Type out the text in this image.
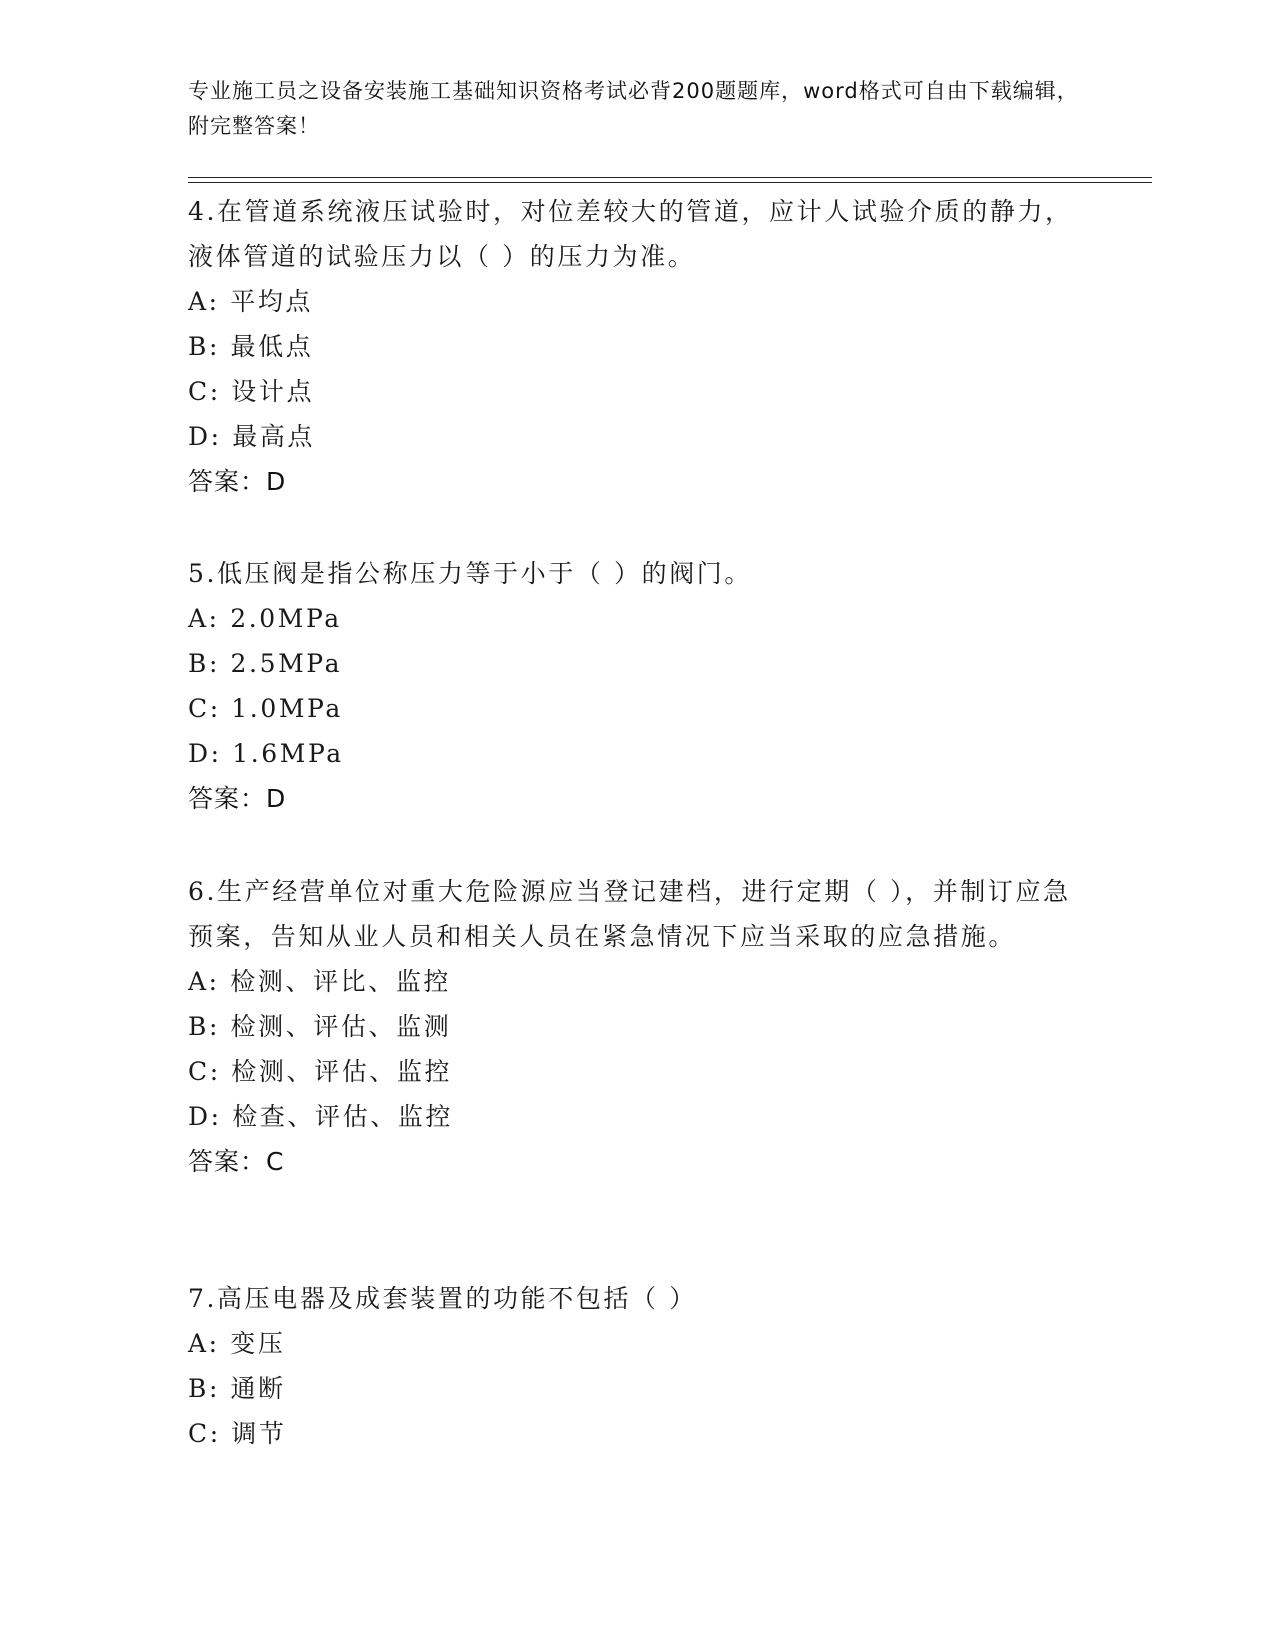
专业施工员之设备安装施工基础知识资格考试必背200题题库，word格式可自由下载编辑，附完整答案！

4.在管道系统液压试验时，对位差较大的管道，应计人试验介质的静力，液体管道的试验压力以（ ）的压力为准。

A: 平均点

B: 最低点

C: 设计点

D: 最高点

答案：D

5.低压阀是指公称压力等于小于（ ）的阀门。

A: 2.0MPa

B: 2.5MPa

C: 1.0MPa

D: 1.6MPa

答案：D

6.生产经营单位对重大危险源应当登记建档，进行定期（ ），并制订应急预案，告知从业人员和相关人员在紧急情况下应当采取的应急措施。

A: 检测、评比、监控

B: 检测、评估、监测

C: 检测、评估、监控

D: 检查、评估、监控

答案：C

7.高压电器及成套装置的功能不包括（ ）

A: 变压

B: 通断

C: 调节
